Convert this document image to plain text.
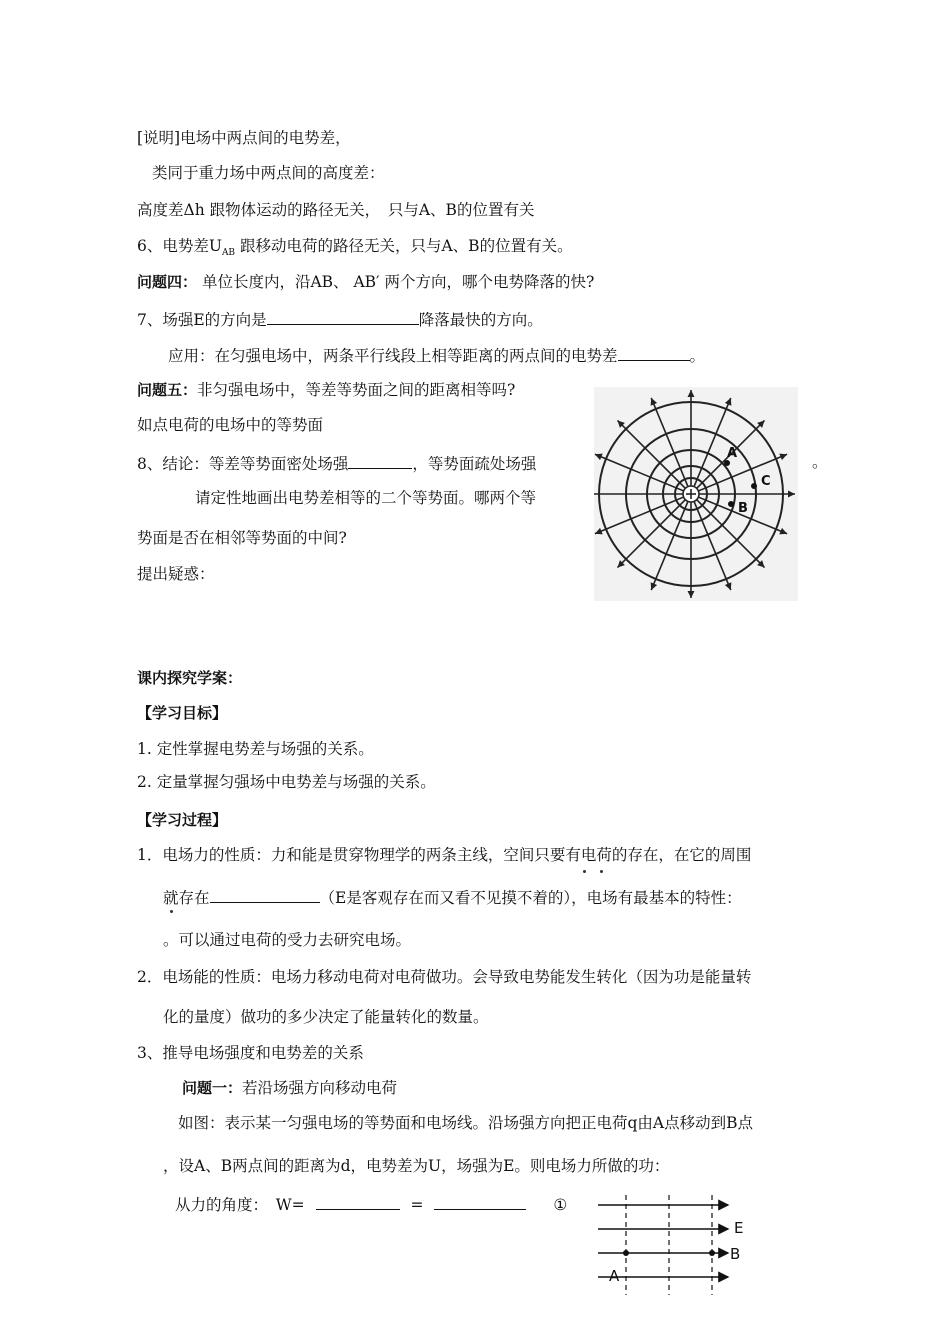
[说明]电场中两点间的电势差，
类同于重力场中两点间的高度差：
高度差Δh 跟物体运动的路径无关，　只与A、B的位置有关
6、电势差$U_{AB}$ 跟移动电荷的路径无关，只与A、B的位置有关。
问题四： 单位长度内，沿AB、 AB′ 两个方向，哪个电势降落的快?
7、场强E的方向是	降落最快的方向。
应用：在匀强电场中，两条平行线段上相等距离的两点间的电势差	。
问题五：非匀强电场中，等差等势面之间的距离相等吗?
如点电荷的电场中的等势面
8、结论：等差等势面密处场强	，等势面疏处场强	。
请定性地画出电势差相等的二个等势面。哪两个等
势面是否在相邻等势面的中间?
提出疑惑：
A
C
B
课内探究学案：
【学习目标】
1. 定性掌握电势差与场强的关系。
2. 定量掌握匀强场中电势差与场强的关系。
【学习过程】
1．电场力的性质：力和能是贯穿物理学的两条主线，空间只要有电荷的存在，在它的周围
就存在	（E是客观存在而又看不见摸不着的），电场有最基本的特性：
。可以通过电荷的受力去研究电场。
2．电场能的性质：电场力移动电荷对电荷做功。会导致电势能发生转化（因为功是能量转
化的量度）做功的多少决定了能量转化的数量。
3、推导电场强度和电势差的关系
问题一：若沿场强方向移动电荷
如图：表示某一匀强电场的等势面和电场线。沿场强方向把正电荷q由A点移动到B点
，设A、B两点间的距离为d，电势差为U，场强为E。则电场力所做的功：
从力的角度：　W=	=	①
E
B
A
